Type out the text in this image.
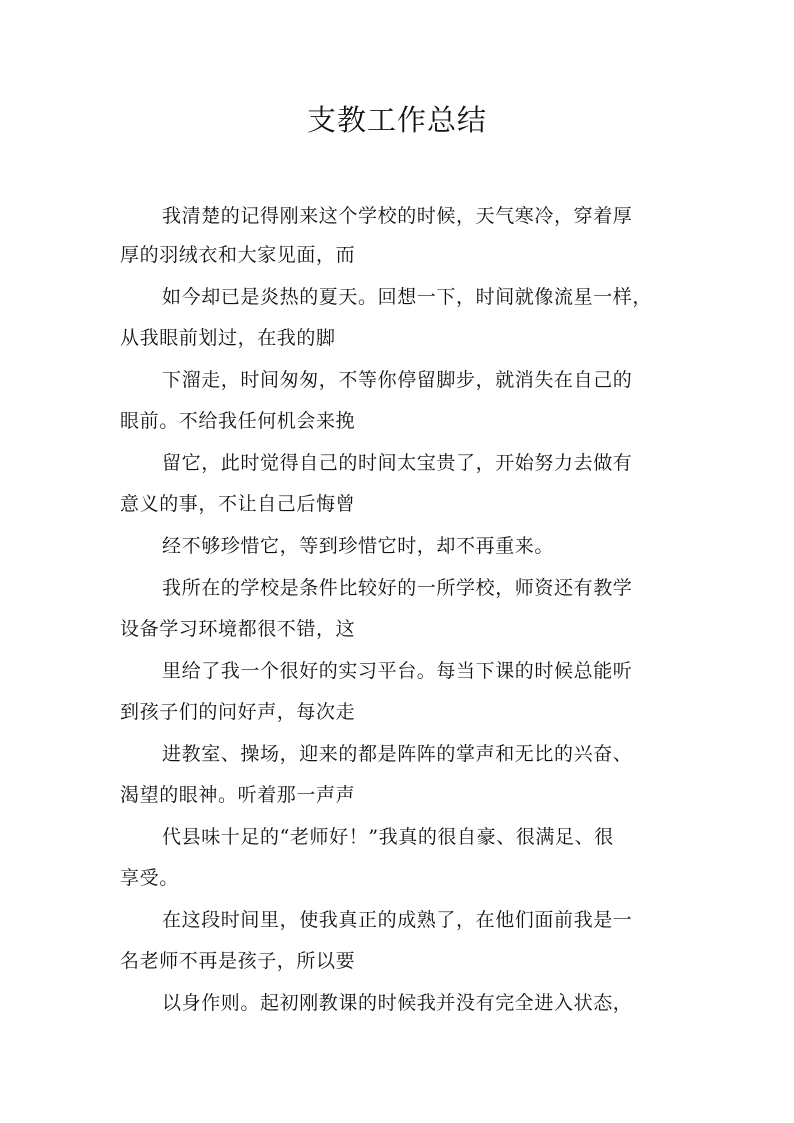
支教工作总结
我清楚的记得刚来这个学校的时候，天气寒冷，穿着厚
厚的羽绒衣和大家见面，而
如今却已是炎热的夏天。回想一下，时间就像流星一样，
从我眼前划过，在我的脚
下溜走，时间匆匆，不等你停留脚步，就消失在自己的
眼前。不给我任何机会来挽
留它，此时觉得自己的时间太宝贵了，开始努力去做有
意义的事，不让自己后悔曾
经不够珍惜它，等到珍惜它时，却不再重来。
我所在的学校是条件比较好的一所学校，师资还有教学
设备学习环境都很不错，这
里给了我一个很好的实习平台。每当下课的时候总能听
到孩子们的问好声，每次走
进教室、操场，迎来的都是阵阵的掌声和无比的兴奋、
渴望的眼神。听着那一声声
代县味十足的“老师好！”我真的很自豪、很满足、很
享受。
在这段时间里，使我真正的成熟了，在他们面前我是一
名老师不再是孩子，所以要
以身作则。起初刚教课的时候我并没有完全进入状态，
